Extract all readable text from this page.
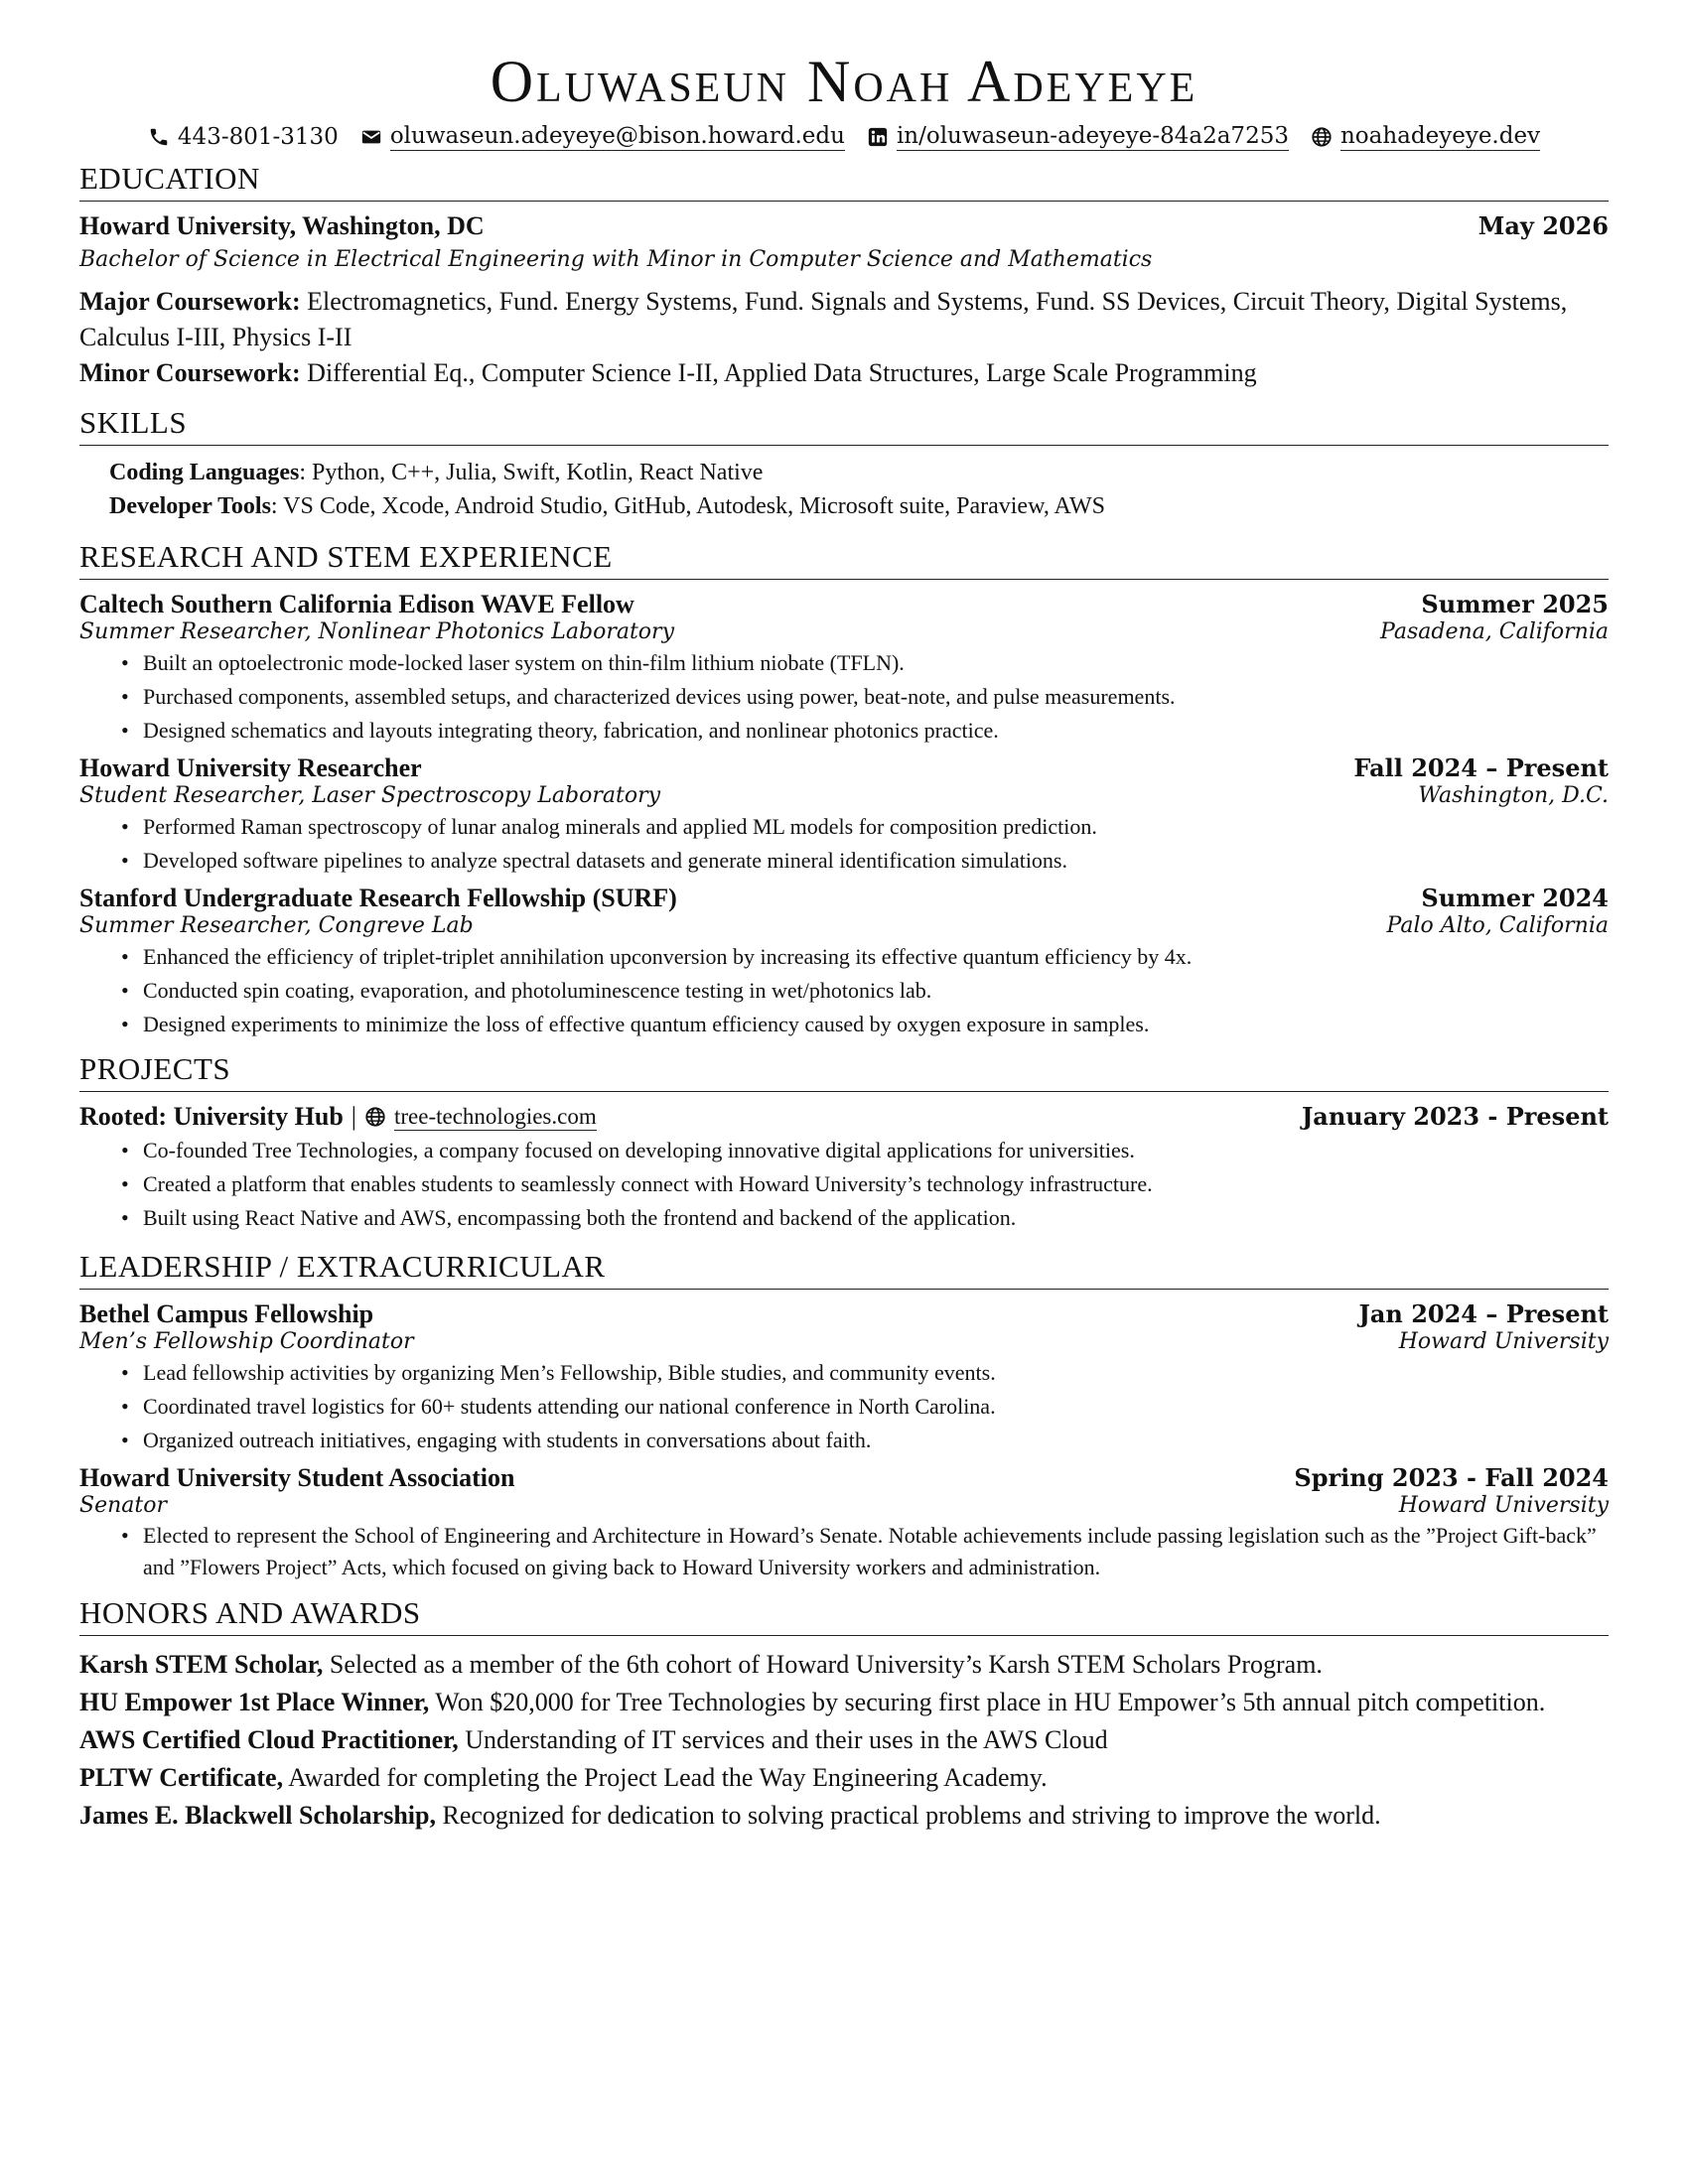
Oluwaseun Noah Adeyeye
443-801-3130 oluwaseun.adeyeye@bison.howard.edu in/oluwaseun-adeyeye-84a2a7253 noahadeyeye.dev
EDUCATION
Howard University, Washington, DC	May 2026
Bachelor of Science in Electrical Engineering with Minor in Computer Science and Mathematics
Major Coursework: Electromagnetics, Fund. Energy Systems, Fund. Signals and Systems, Fund. SS Devices, Circuit Theory, Digital Systems, Calculus I-III, Physics I-II
Minor Coursework: Differential Eq., Computer Science I-II, Applied Data Structures, Large Scale Programming
SKILLS
Coding Languages: Python, C++, Julia, Swift, Kotlin, React Native
Developer Tools: VS Code, Xcode, Android Studio, GitHub, Autodesk, Microsoft suite, Paraview, AWS
RESEARCH AND STEM EXPERIENCE
Caltech Southern California Edison WAVE Fellow	Summer 2025
Summer Researcher, Nonlinear Photonics Laboratory	Pasadena, California
• Built an optoelectronic mode-locked laser system on thin-film lithium niobate (TFLN).
• Purchased components, assembled setups, and characterized devices using power, beat-note, and pulse measurements.
• Designed schematics and layouts integrating theory, fabrication, and nonlinear photonics practice.
Howard University Researcher	Fall 2024 – Present
Student Researcher, Laser Spectroscopy Laboratory	Washington, D.C.
• Performed Raman spectroscopy of lunar analog minerals and applied ML models for composition prediction.
• Developed software pipelines to analyze spectral datasets and generate mineral identification simulations.
Stanford Undergraduate Research Fellowship (SURF)	Summer 2024
Summer Researcher, Congreve Lab	Palo Alto, California
• Enhanced the efficiency of triplet-triplet annihilation upconversion by increasing its effective quantum efficiency by 4x.
• Conducted spin coating, evaporation, and photoluminescence testing in wet/photonics lab.
• Designed experiments to minimize the loss of effective quantum efficiency caused by oxygen exposure in samples.
PROJECTS
Rooted: University Hub | tree-technologies.com	January 2023 - Present
• Co-founded Tree Technologies, a company focused on developing innovative digital applications for universities.
• Created a platform that enables students to seamlessly connect with Howard University’s technology infrastructure.
• Built using React Native and AWS, encompassing both the frontend and backend of the application.
LEADERSHIP / EXTRACURRICULAR
Bethel Campus Fellowship	Jan 2024 – Present
Men’s Fellowship Coordinator	Howard University
• Lead fellowship activities by organizing Men’s Fellowship, Bible studies, and community events.
• Coordinated travel logistics for 60+ students attending our national conference in North Carolina.
• Organized outreach initiatives, engaging with students in conversations about faith.
Howard University Student Association	Spring 2023 - Fall 2024
Senator	Howard University
• Elected to represent the School of Engineering and Architecture in Howard’s Senate. Notable achievements include passing legislation such as the ”Project Gift-back” and ”Flowers Project” Acts, which focused on giving back to Howard University workers and administration.
HONORS AND AWARDS
Karsh STEM Scholar, Selected as a member of the 6th cohort of Howard University’s Karsh STEM Scholars Program.
HU Empower 1st Place Winner, Won $20,000 for Tree Technologies by securing first place in HU Empower’s 5th annual pitch competition.
AWS Certified Cloud Practitioner, Understanding of IT services and their uses in the AWS Cloud
PLTW Certificate, Awarded for completing the Project Lead the Way Engineering Academy.
James E. Blackwell Scholarship, Recognized for dedication to solving practical problems and striving to improve the world.
